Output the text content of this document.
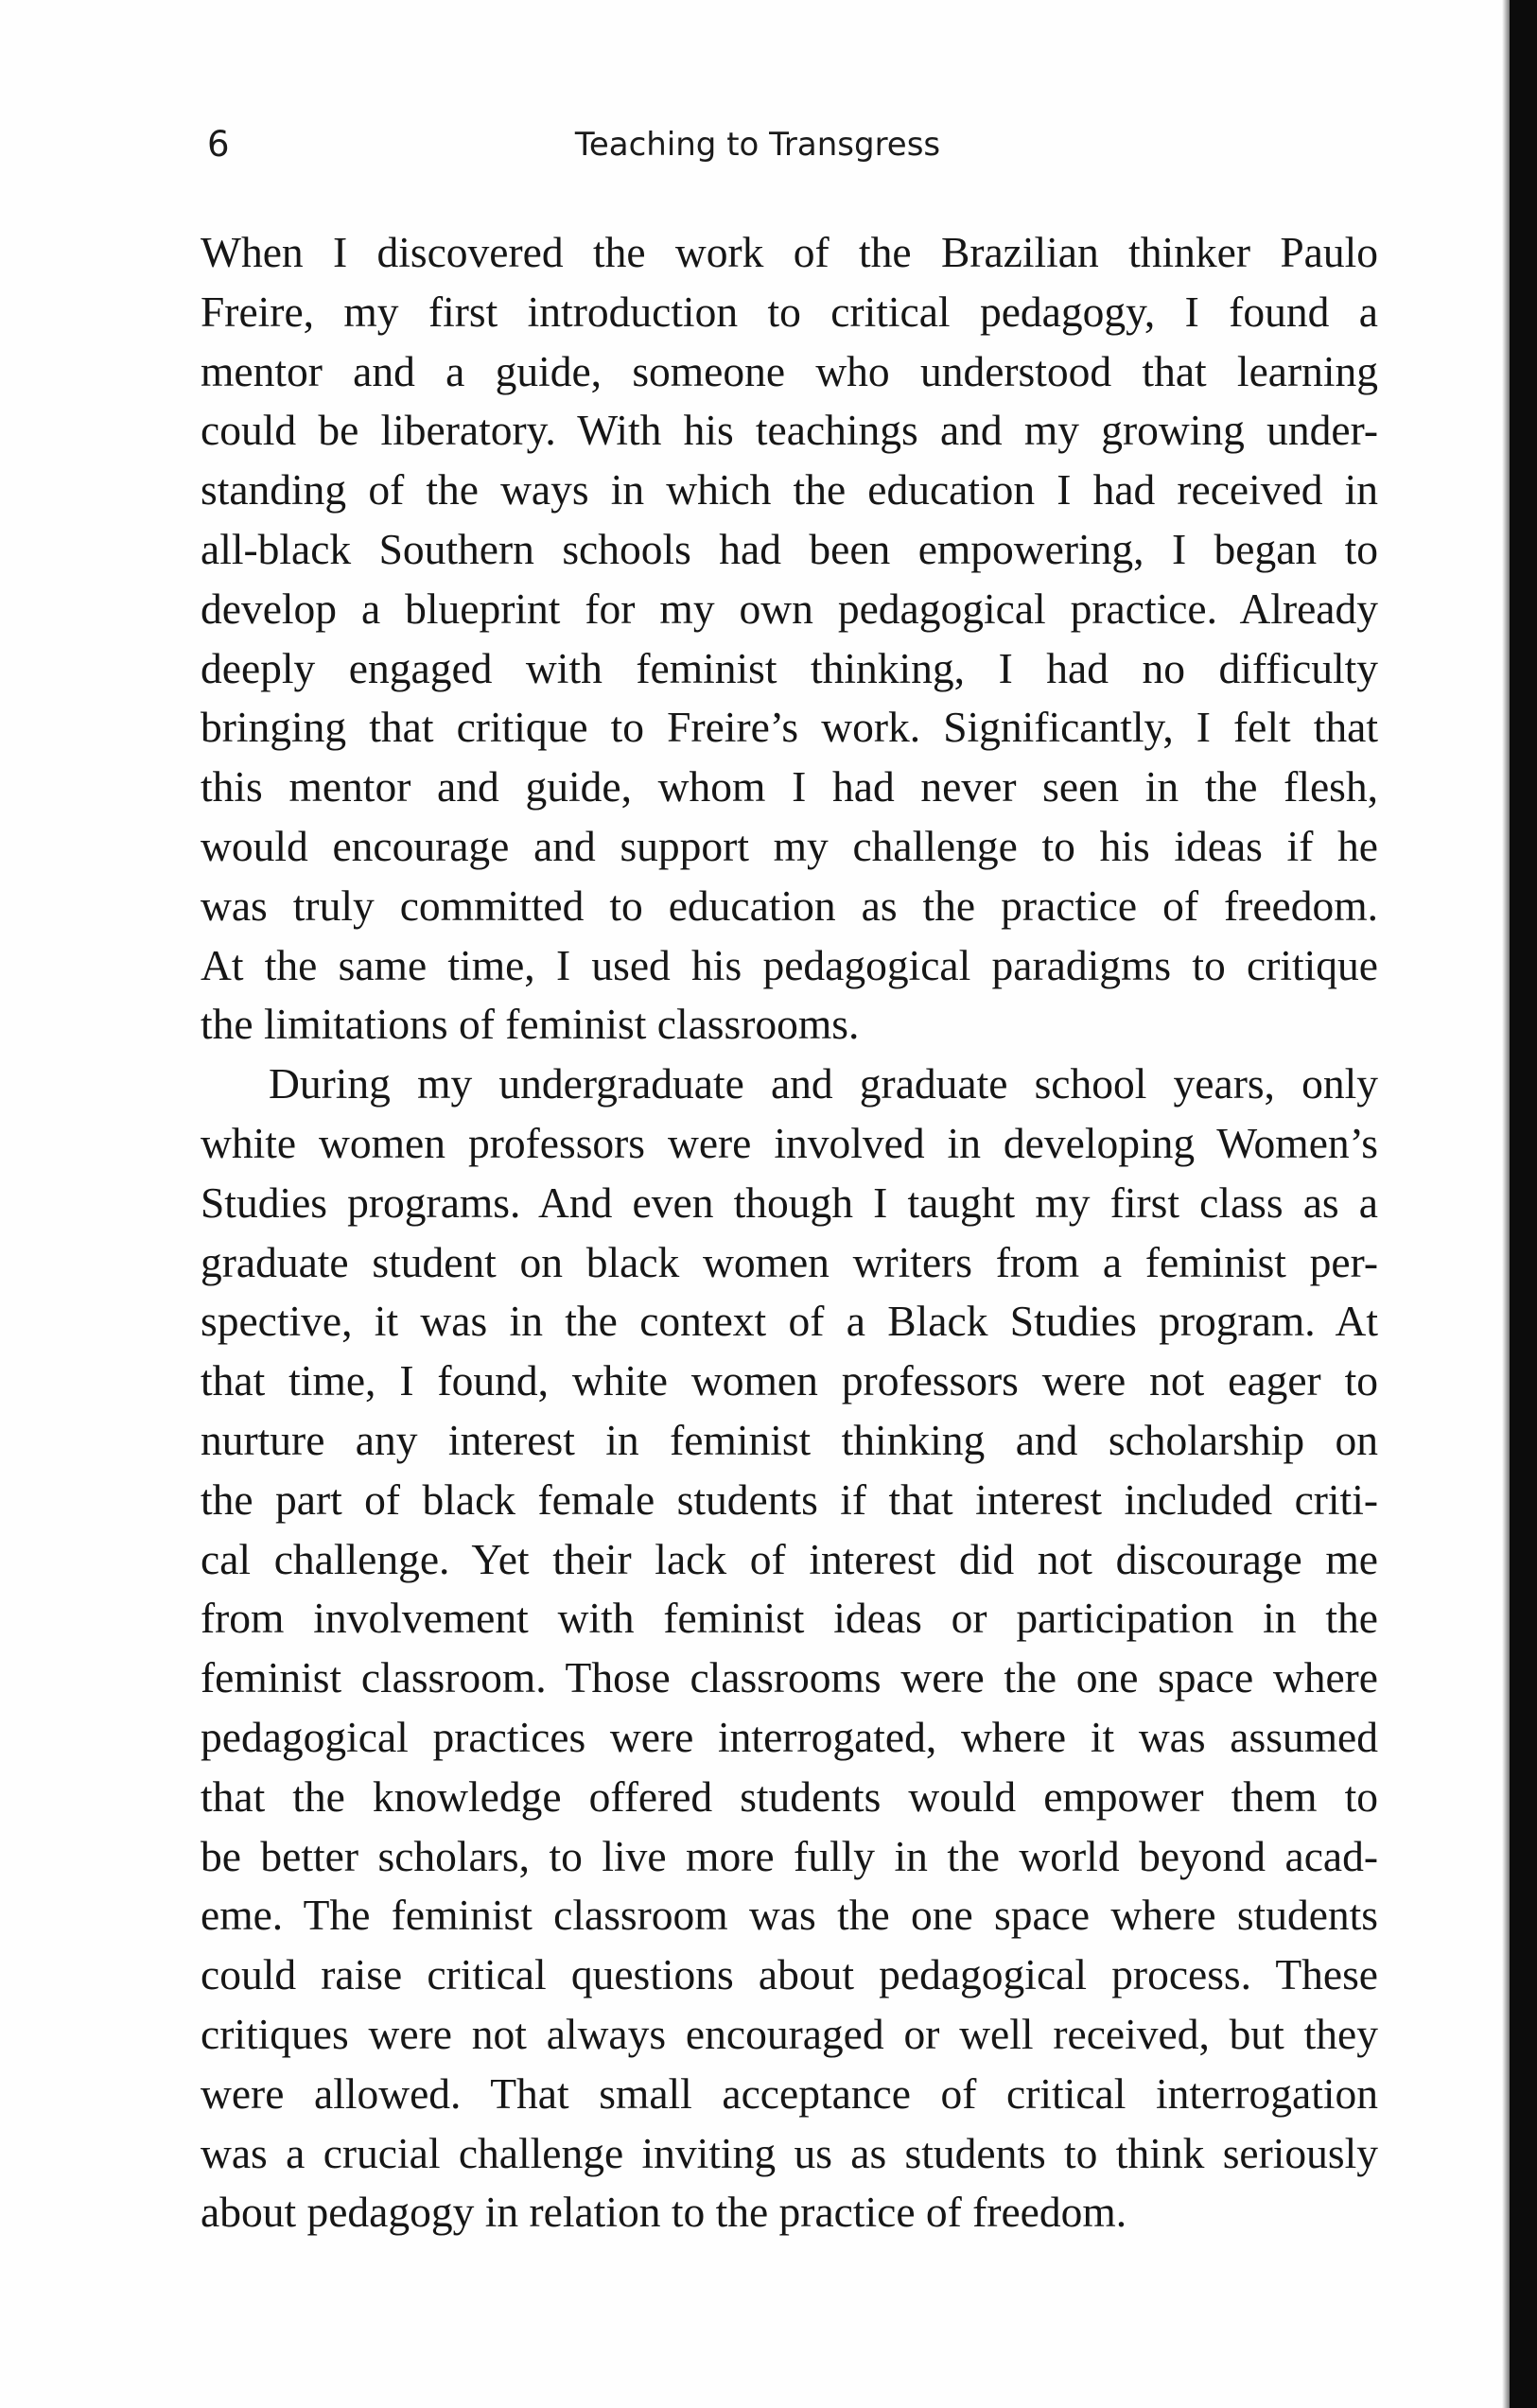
6	Teaching to Transgress
When I discovered the work of the Brazilian thinker Paulo
Freire, my first introduction to critical pedagogy, I found a
mentor and a guide, someone who understood that learning
could be liberatory. With his teachings and my growing under-
standing of the ways in which the education I had received in
all-black Southern schools had been empowering, I began to
develop a blueprint for my own pedagogical practice. Already
deeply engaged with feminist thinking, I had no difficulty
bringing that critique to Freire’s work. Significantly, I felt that
this mentor and guide, whom I had never seen in the flesh,
would encourage and support my challenge to his ideas if he
was truly committed to education as the practice of freedom.
At the same time, I used his pedagogical paradigms to critique
the limitations of feminist classrooms.
During my undergraduate and graduate school years, only
white women professors were involved in developing Women’s
Studies programs. And even though I taught my first class as a
graduate student on black women writers from a feminist per-
spective, it was in the context of a Black Studies program. At
that time, I found, white women professors were not eager to
nurture any interest in feminist thinking and scholarship on
the part of black female students if that interest included criti-
cal challenge. Yet their lack of interest did not discourage me
from involvement with feminist ideas or participation in the
feminist classroom. Those classrooms were the one space where
pedagogical practices were interrogated, where it was assumed
that the knowledge offered students would empower them to
be better scholars, to live more fully in the world beyond acad-
eme. The feminist classroom was the one space where students
could raise critical questions about pedagogical process. These
critiques were not always encouraged or well received, but they
were allowed. That small acceptance of critical interrogation
was a crucial challenge inviting us as students to think seriously
about pedagogy in relation to the practice of freedom.
